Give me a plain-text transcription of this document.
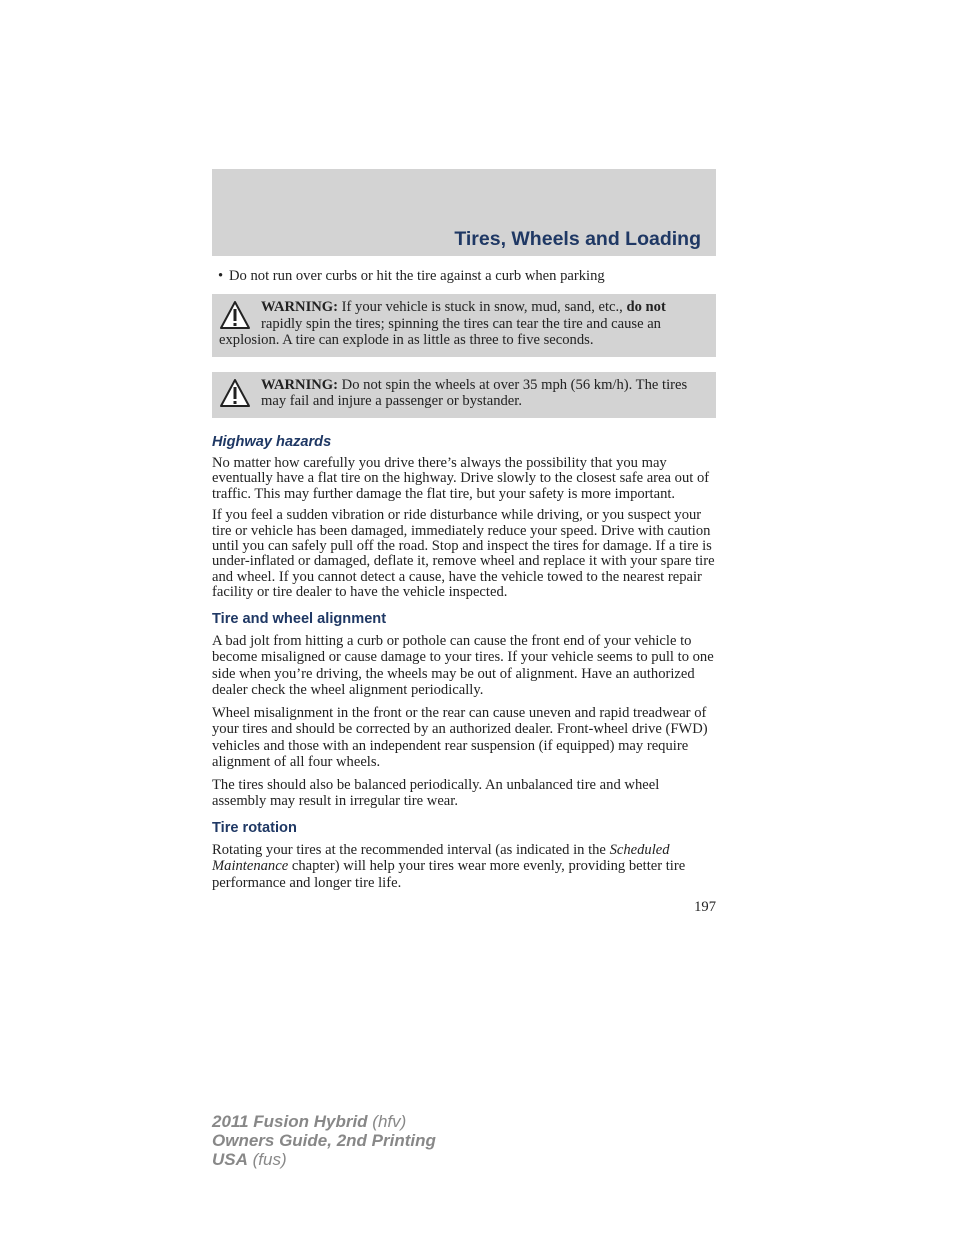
Tires, Wheels and Loading
• Do not run over curbs or hit the tire against a curb when parking
WARNING: If your vehicle is stuck in snow, mud, sand, etc., do not rapidly spin the tires; spinning the tires can tear the tire and cause an explosion. A tire can explode in as little as three to five seconds.
WARNING: Do not spin the wheels at over 35 mph (56 km/h). The tires may fail and injure a passenger or bystander.
Highway hazards

No matter how carefully you drive there’s always the possibility that you may eventually have a flat tire on the highway. Drive slowly to the closest safe area out of traffic. This may further damage the flat tire, but your safety is more important.

If you feel a sudden vibration or ride disturbance while driving, or you suspect your tire or vehicle has been damaged, immediately reduce your speed. Drive with caution until you can safely pull off the road. Stop and inspect the tires for damage. If a tire is under-inflated or damaged, deflate it, remove wheel and replace it with your spare tire and wheel. If you cannot detect a cause, have the vehicle towed to the nearest repair facility or tire dealer to have the vehicle inspected.

Tire and wheel alignment

A bad jolt from hitting a curb or pothole can cause the front end of your vehicle to become misaligned or cause damage to your tires. If your vehicle seems to pull to one side when you’re driving, the wheels may be out of alignment. Have an authorized dealer check the wheel alignment periodically.

Wheel misalignment in the front or the rear can cause uneven and rapid treadwear of your tires and should be corrected by an authorized dealer. Front-wheel drive (FWD) vehicles and those with an independent rear suspension (if equipped) may require alignment of all four wheels.

The tires should also be balanced periodically. An unbalanced tire and wheel assembly may result in irregular tire wear.

Tire rotation

Rotating your tires at the recommended interval (as indicated in the Scheduled Maintenance chapter) will help your tires wear more evenly, providing better tire performance and longer tire life.

197
2011 Fusion Hybrid (hfv)
Owners Guide, 2nd Printing
USA (fus)
